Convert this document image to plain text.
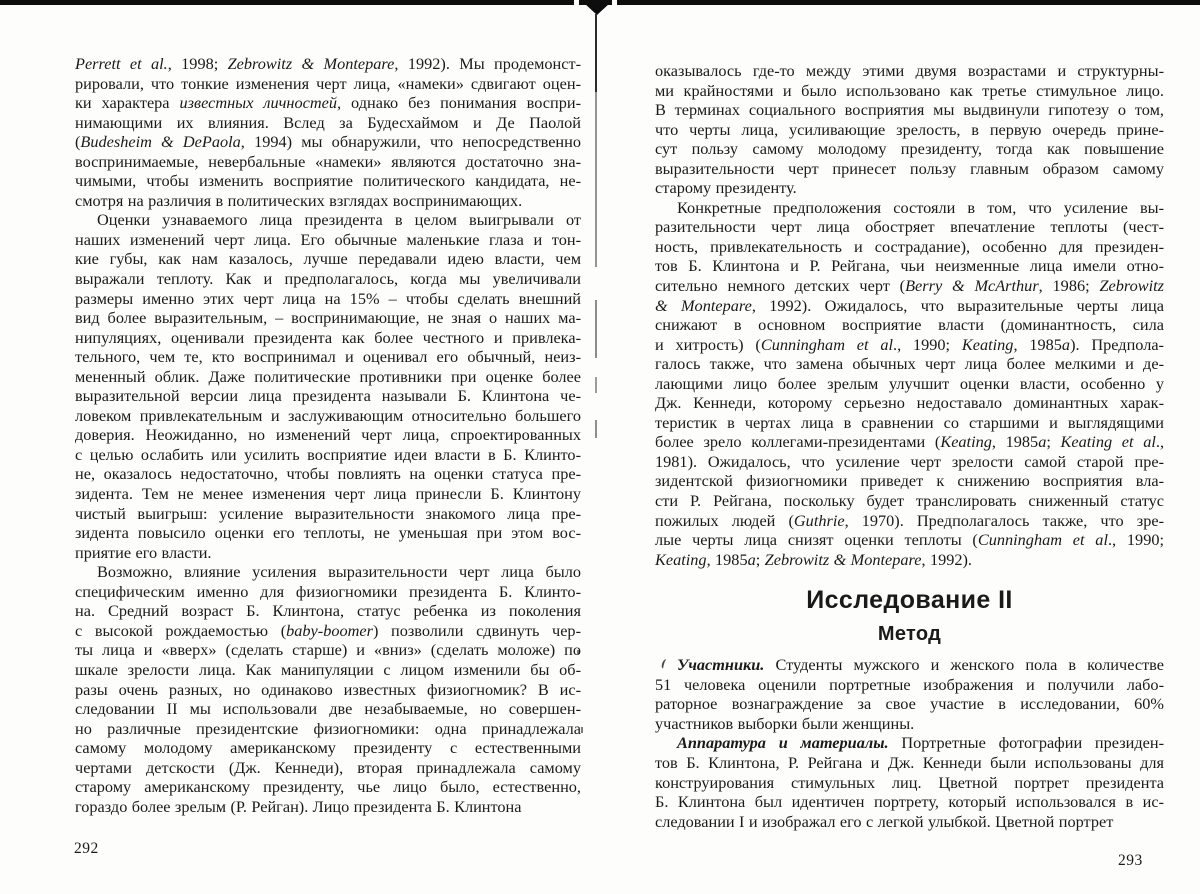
Perrett et al., 1998; Zebrowitz & Montepare, 1992). Мы продемонст-
рировали, что тонкие изменения черт лица, «намеки» сдвигают оцен-
ки характера известных личностей, однако без понимания воспри-
нимающими их влияния. Вслед за Будесхаймом и Де Паолой
(Budesheim & DePaola, 1994) мы обнаружили, что непосредственно
воспринимаемые, невербальные «намеки» являются достаточно зна-
чимыми, чтобы изменить восприятие политического кандидата, не-
смотря на различия в политических взглядах воспринимающих.
Оценки узнаваемого лица президента в целом выигрывали от
наших изменений черт лица. Его обычные маленькие глаза и тон-
кие губы, как нам казалось, лучше передавали идею власти, чем
выражали теплоту. Как и предполагалось, когда мы увеличивали
размеры именно этих черт лица на 15% – чтобы сделать внешний
вид более выразительным, – воспринимающие, не зная о наших ма-
нипуляциях, оценивали президента как более честного и привлека-
тельного, чем те, кто воспринимал и оценивал его обычный, неиз-
мененный облик. Даже политические противники при оценке более
выразительной версии лица президента называли Б. Клинтона че-
ловеком привлекательным и заслуживающим относительно большего
доверия. Неожиданно, но изменений черт лица, спроектированных
с целью ослабить или усилить восприятие идеи власти в Б. Клинто-
не, оказалось недостаточно, чтобы повлиять на оценки статуса пре-
зидента. Тем не менее изменения черт лица принесли Б. Клинтону
чистый выигрыш: усиление выразительности знакомого лица пре-
зидента повысило оценки его теплоты, не уменьшая при этом вос-
приятие его власти.
Возможно, влияние усиления выразительности черт лица было
специфическим именно для физиогномики президента Б. Клинто-
на. Средний возраст Б. Клинтона, статус ребенка из поколения
с высокой рождаемостью (baby-boomer) позволили сдвинуть чер-
ты лица и «вверх» (сделать старше) и «вниз» (сделать моложе) по
шкале зрелости лица. Как манипуляции с лицом изменили бы об-
разы очень разных, но одинаково известных физиогномик? В ис-
следовании II мы использовали две незабываемые, но совершен-
но различные президентские физиогномики: одна принадлежала
самому молодому американскому президенту с естественными
чертами детскости (Дж. Кеннеди), вторая принадлежала самому
старому американскому президенту, чье лицо было, естественно,
гораздо более зрелым (Р. Рейган). Лицо президента Б. Клинтона
292
оказывалось где-то между этими двумя возрастами и структурны-
ми крайностями и было использовано как третье стимульное лицо.
В терминах социального восприятия мы выдвинули гипотезу о том,
что черты лица, усиливающие зрелость, в первую очередь прине-
сут пользу самому молодому президенту, тогда как повышение
выразительности черт принесет пользу главным образом самому
старому президенту.
Конкретные предположения состояли в том, что усиление вы-
разительности черт лица обостряет впечатление теплоты (чест-
ность, привлекательность и сострадание), особенно для президен-
тов Б. Клинтона и Р. Рейгана, чьи неизменные лица имели отно-
сительно немного детских черт (Berry & McArthur, 1986; Zebrowitz
& Montepare, 1992). Ожидалось, что выразительные черты лица
снижают в основном восприятие власти (доминантность, сила
и хитрость) (Cunningham et al., 1990; Keating, 1985a). Предпола-
галось также, что замена обычных черт лица более мелкими и де-
лающими лицо более зрелым улучшит оценки власти, особенно у
Дж. Кеннеди, которому серьезно недоставало доминантных харак-
теристик в чертах лица в сравнении со старшими и выглядящими
более зрело коллегами-президентами (Keating, 1985a; Keating et al.,
1981). Ожидалось, что усиление черт зрелости самой старой пре-
зидентской физиогномики приведет к снижению восприятия вла-
сти Р. Рейгана, поскольку будет транслировать сниженный статус
пожилых людей (Guthrie, 1970). Предполагалось также, что зре-
лые черты лица снизят оценки теплоты (Cunningham et al., 1990;
Keating, 1985a; Zebrowitz & Montepare, 1992).
Исследование II
Метод
Участники. Студенты мужского и женского пола в количестве
51 человека оценили портретные изображения и получили лабо-
раторное вознаграждение за свое участие в исследовании, 60%
участников выборки были женщины.
Аппаратура и материалы. Портретные фотографии президен-
тов Б. Клинтона, Р. Рейгана и Дж. Кеннеди были использованы для
конструирования стимульных лиц. Цветной портрет президента
Б. Клинтона был идентичен портрету, который использовался в ис-
следовании I и изображал его с легкой улыбкой. Цветной портрет
293
